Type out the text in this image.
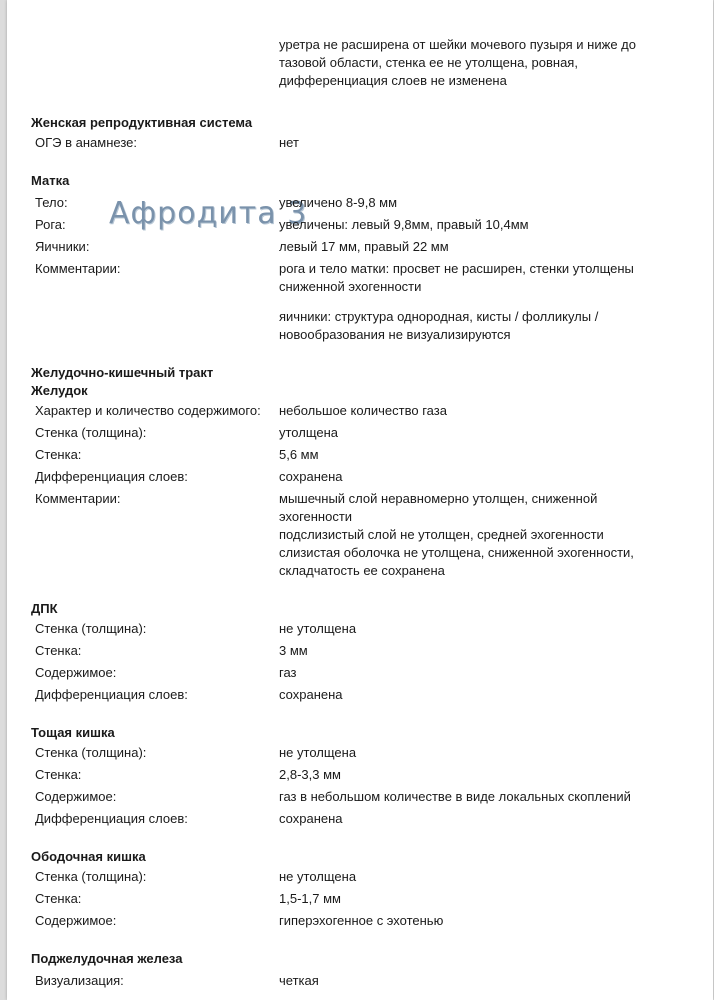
Афродита 3

уретра не расширена от шейки мочевого пузыря и ниже до

тазовой области, стенка ее не утолщена, ровная,

дифференциация слоев не изменена

Женская репродуктивная система
ОГЭ в анамнезе:	нет
Матка
Тело:	увеличено 8-9,8 мм
Рога:	увеличены: левый 9,8мм, правый 10,4мм
Яичники:	левый 17 мм, правый 22 мм
Комментарии:	рога и тело матки: просвет не расширен, стенки утолщены

сниженной эхогенности

яичники: структура однородная, кисты / фолликулы /

новообразования не визуализируются

Желудочно-кишечный тракт
Желудок
Характер и количество содержимого:	небольшое количество газа
Стенка (толщина):	утолщена
Стенка:	5,6 мм
Дифференциация слоев:	сохранена
Комментарии:	мышечный слой неравномерно утолщен, сниженной

эхогенности

подслизистый слой не утолщен, средней эхогенности

слизистая оболочка не утолщена, сниженной эхогенности,

складчатость ее сохранена

ДПК
Стенка (толщина):	не утолщена
Стенка:	3 мм
Содержимое:	газ
Дифференциация слоев:	сохранена
Тощая кишка
Стенка (толщина):	не утолщена
Стенка:	2,8-3,3 мм
Содержимое:	газ в небольшом количестве в виде локальных скоплений
Дифференциация слоев:	сохранена
Ободочная кишка
Стенка (толщина):	не утолщена
Стенка:	1,5-1,7 мм
Содержимое:	гиперэхогенное с эхотенью
Поджелудочная железа
Визуализация:	четкая
